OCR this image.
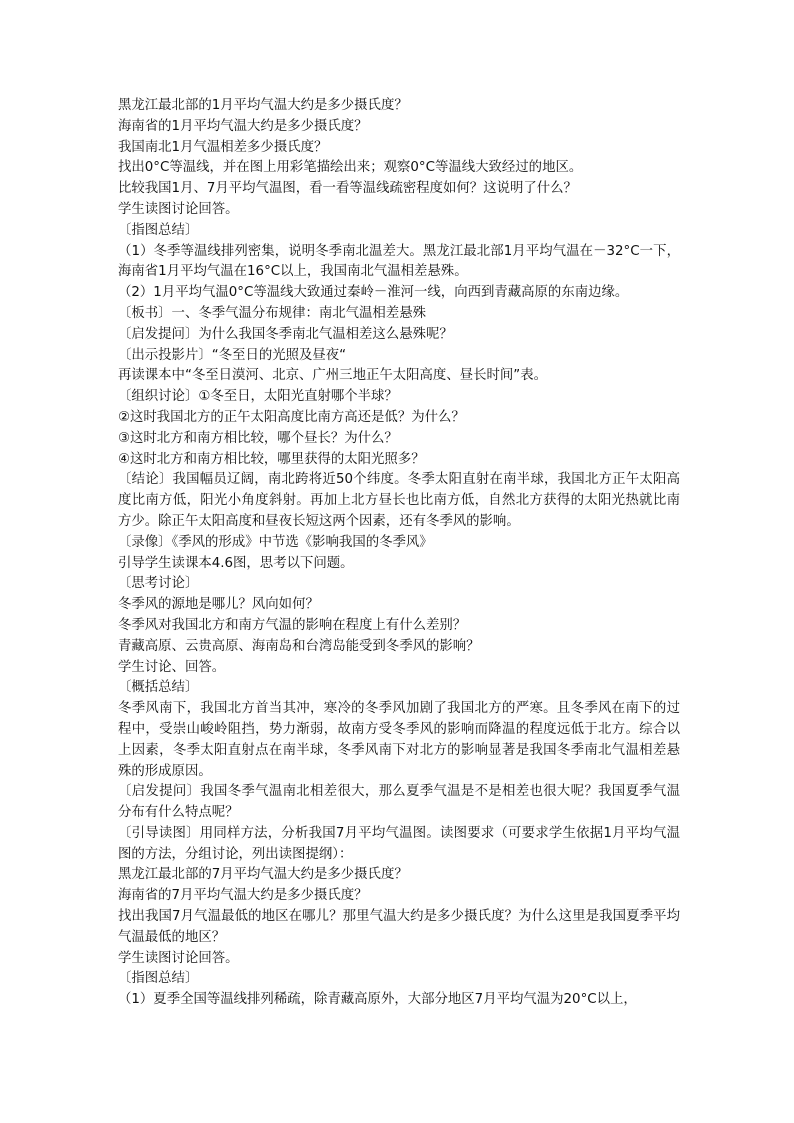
黑龙江最北部的1月平均气温大约是多少摄氏度？
海南省的1月平均气温大约是多少摄氏度？
我国南北1月气温相差多少摄氏度？
找出0°C等温线，并在图上用彩笔描绘出来；观察0°C等温线大致经过的地区。
比较我国1月、7月平均气温图，看一看等温线疏密程度如何？这说明了什么？
学生读图讨论回答。
〔指图总结〕
（1）冬季等温线排列密集，说明冬季南北温差大。黑龙江最北部1月平均气温在－32°C一下，海南省1月平均气温在16°C以上，我国南北气温相差悬殊。
（2）1月平均气温0°C等温线大致通过秦岭－淮河一线，向西到青藏高原的东南边缘。
〔板书〕一、冬季气温分布规律：南北气温相差悬殊
〔启发提问〕为什么我国冬季南北气温相差这么悬殊呢？
〔出示投影片〕“冬至日的光照及昼夜“
再读课本中“冬至日漠河、北京、广州三地正午太阳高度、昼长时间”表。
〔组织讨论〕①冬至日，太阳光直射哪个半球？
②这时我国北方的正午太阳高度比南方高还是低？为什么？
③这时北方和南方相比较，哪个昼长？为什么？
④这时北方和南方相比较，哪里获得的太阳光照多？
〔结论〕我国幅员辽阔，南北跨将近50个纬度。冬季太阳直射在南半球，我国北方正午太阳高度比南方低，阳光小角度斜射。再加上北方昼长也比南方低，自然北方获得的太阳光热就比南方少。除正午太阳高度和昼夜长短这两个因素，还有冬季风的影响。
〔录像〕《季风的形成》中节选《影响我国的冬季风》
引导学生读课本4.6图，思考以下问题。
〔思考讨论〕
冬季风的源地是哪儿？风向如何？
冬季风对我国北方和南方气温的影响在程度上有什么差别？
青藏高原、云贵高原、海南岛和台湾岛能受到冬季风的影响？
学生讨论、回答。
〔概括总结〕
冬季风南下，我国北方首当其冲，寒冷的冬季风加剧了我国北方的严寒。且冬季风在南下的过程中，受崇山峻岭阻挡，势力渐弱，故南方受冬季风的影响而降温的程度远低于北方。综合以上因素，冬季太阳直射点在南半球，冬季风南下对北方的影响显著是我国冬季南北气温相差悬殊的形成原因。
〔启发提问〕我国冬季气温南北相差很大，那么夏季气温是不是相差也很大呢？我国夏季气温分布有什么特点呢？
〔引导读图〕用同样方法，分析我国7月平均气温图。读图要求（可要求学生依据1月平均气温图的方法，分组讨论，列出读图提纲）：
黑龙江最北部的7月平均气温大约是多少摄氏度？
海南省的7月平均气温大约是多少摄氏度？
找出我国7月气温最低的地区在哪儿？那里气温大约是多少摄氏度？为什么这里是我国夏季平均气温最低的地区？
学生读图讨论回答。
〔指图总结〕
（1）夏季全国等温线排列稀疏，除青藏高原外，大部分地区7月平均气温为20°C以上，
